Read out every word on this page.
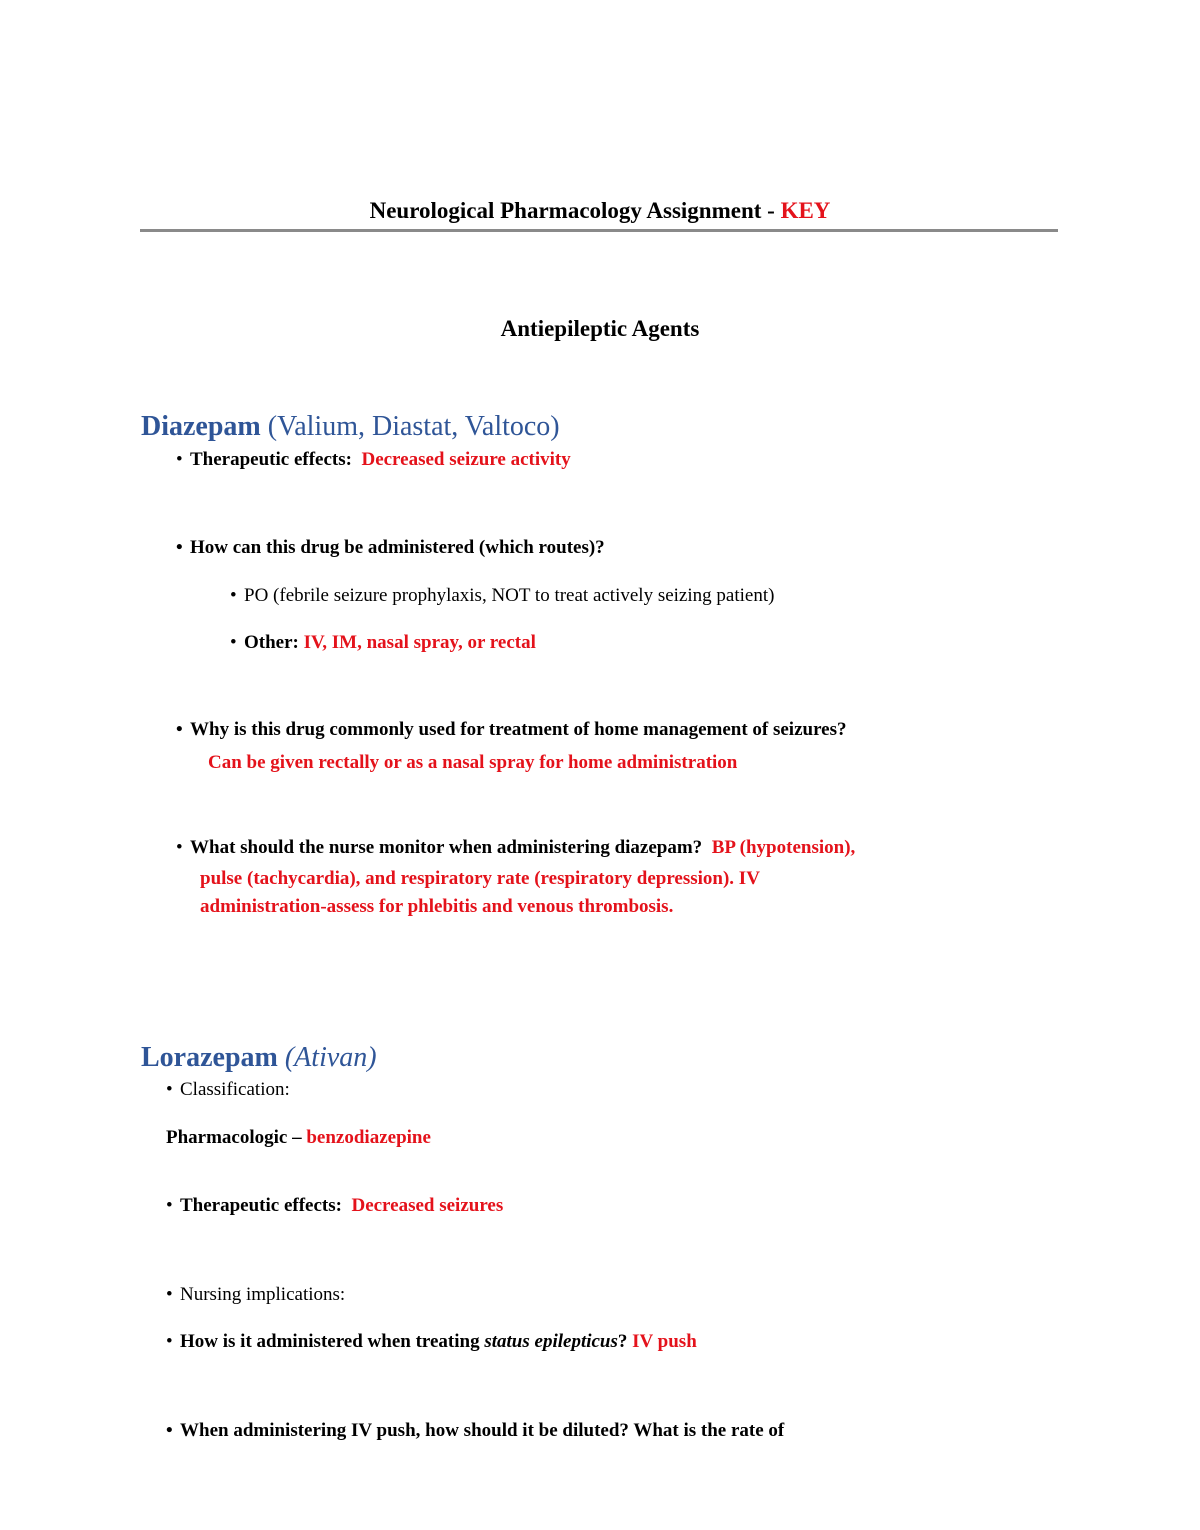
Neurological Pharmacology Assignment - KEY
Antiepileptic Agents
Diazepam (Valium, Diastat, Valtoco)
• Therapeutic effects: Decreased seizure activity
• How can this drug be administered (which routes)?
• PO (febrile seizure prophylaxis, NOT to treat actively seizing patient)
• Other: IV, IM, nasal spray, or rectal
• Why is this drug commonly used for treatment of home management of seizures?
Can be given rectally or as a nasal spray for home administration
• What should the nurse monitor when administering diazepam? BP (hypotension),
pulse (tachycardia), and respiratory rate (respiratory depression). IV
administration-assess for phlebitis and venous thrombosis.
Lorazepam (Ativan)
• Classification:
Pharmacologic – benzodiazepine
• Therapeutic effects: Decreased seizures
• Nursing implications:
• How is it administered when treating status epilepticus? IV push
• When administering IV push, how should it be diluted? What is the rate of
